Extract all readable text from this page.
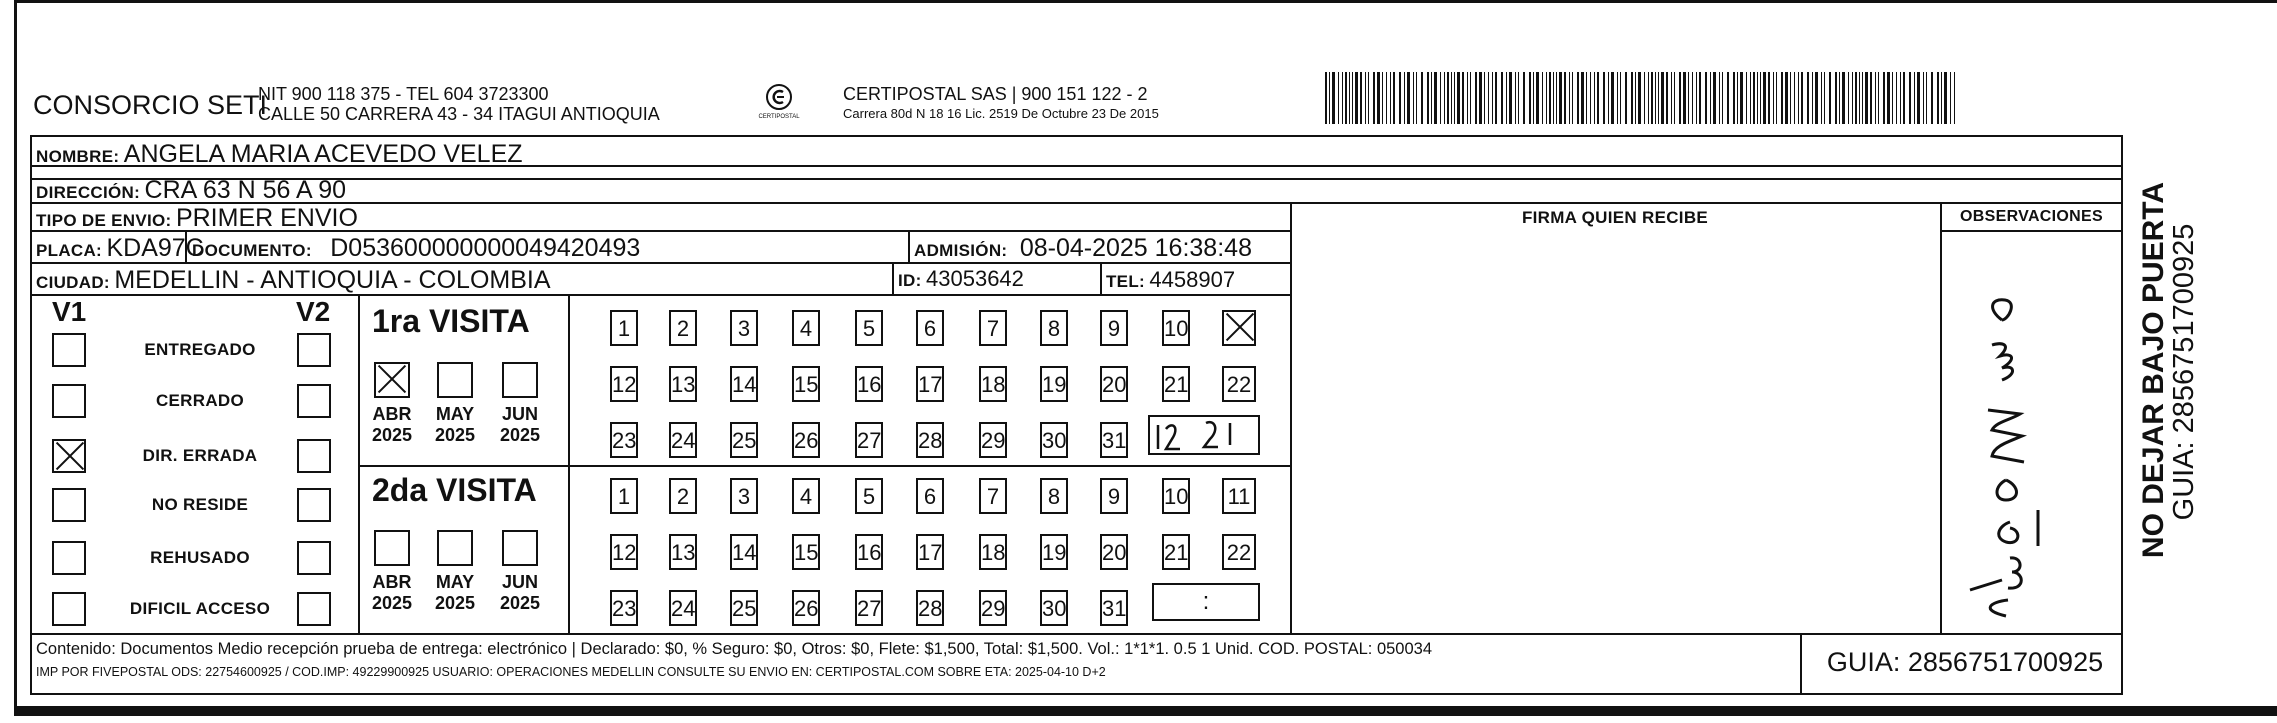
CONSORCIO SETI
NIT 900 118 375 - TEL 604 3723300
CALLE 50 CARRERA 43 - 34 ITAGUI ANTIOQUIA	CERTIPOSTAL
CERTIPOSTAL SAS | 900 151 122 - 2
Carrera 80d N 18 16 Lic. 2519 De Octubre 23 De 2015
NOMBRE: ANGELA MARIA ACEVEDO VELEZ
DIRECCIÓN: CRA 63 N 56 A 90
TIPO DE ENVIO: PRIMER ENVIO	FIRMA QUIEN RECIBE	OBSERVACIONES
PLACA: KDA97C
DOCUMENTO: D053600000000049420493	ADMISIÓN: 08-04-2025 16:38:48
CIUDAD: MEDELLIN - ANTIOQUIA - COLOMBIA	ID: 43053642	TEL: 4458907
V1	V2
ENTREGADO
CERRADO
DIR. ERRADA
NO RESIDE
REHUSADO
DIFICIL ACCESO
1ra VISITA
2da VISITA
ABR
2025
MAY
2025
JUN
2025
ABR
2025
MAY
2025
JUN
2025
1	2	3	4	5	6	7	8	9	10
12 13 14 15 16 17 18 19 20 21 22
23 24 25 26 27 28 29 30 31
1	2	3	4	5	6	7	8	9	10 11
12 13 14 15 16 17 18 19 20 21 22
23 24 25 26 27 28 29 30 31	:
Contenido: Documentos Medio recepción prueba de entrega: electrónico | Declarado: $0, % Seguro: $0, Otros: $0, Flete: $1,500, Total: $1,500. Vol.: 1*1*1. 0.5 1 Unid. COD. POSTAL: 050034
IMP POR FIVEPOSTAL ODS: 22754600925 / COD.IMP: 49229900925 USUARIO: OPERACIONES MEDELLIN CONSULTE SU ENVIO EN: CERTIPOSTAL.COM SOBRE ETA: 2025-04-10 D+2	GUIA: 2856751700925
NO DEJAR BAJO PUERTA
GUIA: 2856751700925
